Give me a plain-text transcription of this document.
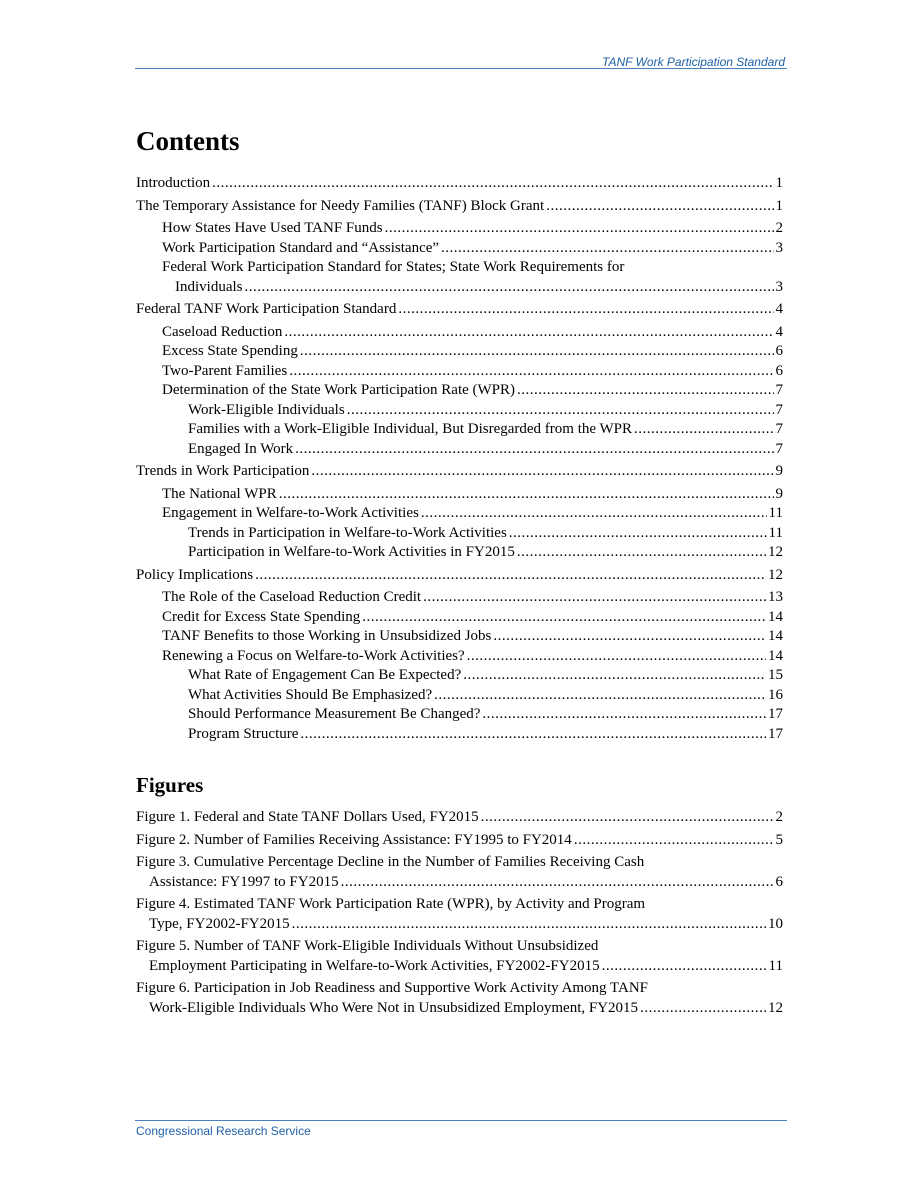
TANF Work Participation Standard
Contents
Introduction .....	1
The Temporary Assistance for Needy Families (TANF) Block Grant .....	1
How States Have Used TANF Funds .....	2
Work Participation Standard and “Assistance” .....	3
Federal Work Participation Standard for States; State Work Requirements for
Individuals .....	3
Federal TANF Work Participation Standard .....	4
Caseload Reduction .....	4
Excess State Spending .....	6
Two-Parent Families .....	6
Determination of the State Work Participation Rate (WPR) .....	7
Work-Eligible Individuals .....	7
Families with a Work-Eligible Individual, But Disregarded from the WPR .....	7
Engaged In Work .....	7
Trends in Work Participation .....	9
The National WPR .....	9
Engagement in Welfare-to-Work Activities .....	11
Trends in Participation in Welfare-to-Work Activities .....	11
Participation in Welfare-to-Work Activities in FY2015 .....	12
Policy Implications .....	12
The Role of the Caseload Reduction Credit .....	13
Credit for Excess State Spending .....	14
TANF Benefits to those Working in Unsubsidized Jobs .....	14
Renewing a Focus on Welfare-to-Work Activities? .....	14
What Rate of Engagement Can Be Expected? .....	15
What Activities Should Be Emphasized? .....	16
Should Performance Measurement Be Changed? .....	17
Program Structure .....	17
Figures
Figure 1. Federal and State TANF Dollars Used, FY2015 .....	2
Figure 2. Number of Families Receiving Assistance: FY1995 to FY2014 .....	5
Figure 3. Cumulative Percentage Decline in the Number of Families Receiving Cash
Assistance: FY1997 to FY2015 .....	6
Figure 4. Estimated TANF Work Participation Rate (WPR), by Activity and Program
Type, FY2002-FY2015 .....	10
Figure 5. Number of TANF Work-Eligible Individuals Without Unsubsidized
Employment Participating in Welfare-to-Work Activities, FY2002-FY2015 .....	11
Figure 6. Participation in Job Readiness and Supportive Work Activity Among TANF
Work-Eligible Individuals Who Were Not in Unsubsidized Employment, FY2015 .....	12
Congressional Research Service
